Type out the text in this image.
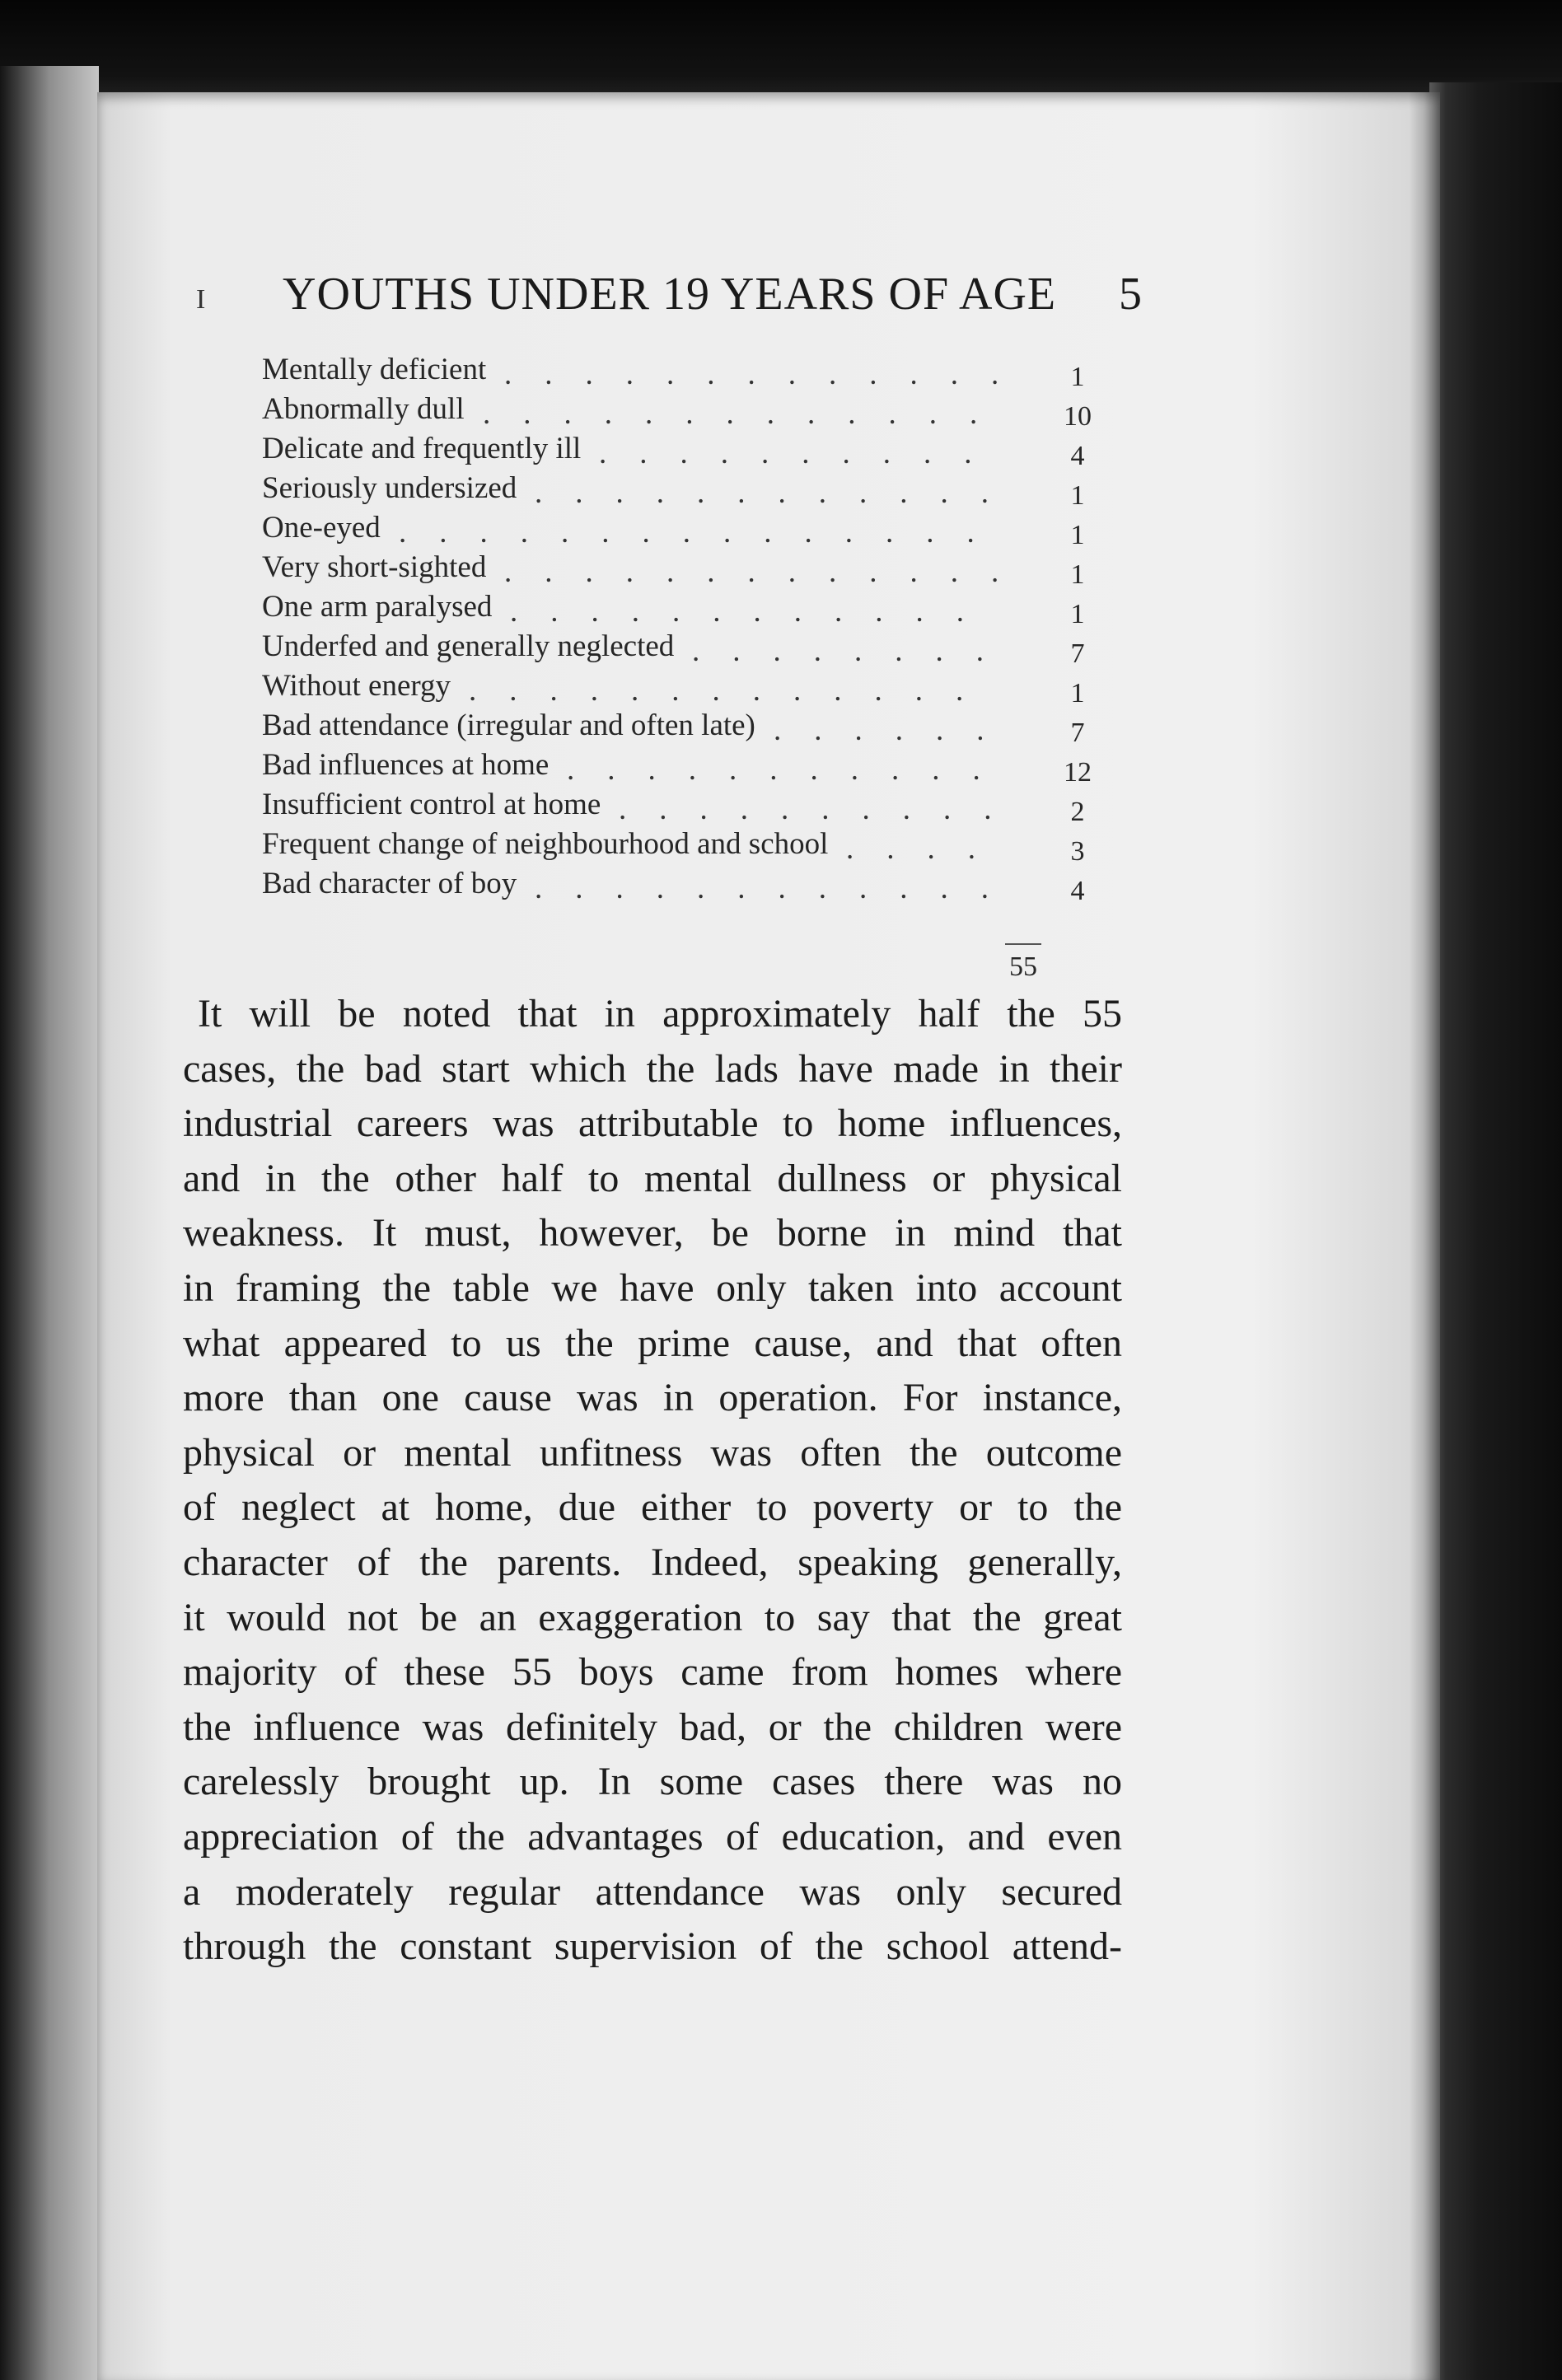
I YOUTHS UNDER 19 YEARS OF AGE 5
Mentally deficient .............	1
Abnormally dull .............	10
Delicate and frequently ill ..........	4
Seriously undersized ............	1
One-eyed ...............	1
Very short-sighted .............	1
One arm paralysed ............	1
Underfed and generally neglected ........	7
Without energy .............	1
Bad attendance (irregular and often late) ......	7
Bad influences at home ...........	12
Insufficient control at home ..........	2
Frequent change of neighbourhood and school ....	3
Bad character of boy ............	4
55
It will be noted that in approximately half the 55
cases, the bad start which the lads have made in their
industrial careers was attributable to home influences,
and in the other half to mental dullness or physical
weakness. It must, however, be borne in mind that
in framing the table we have only taken into account
what appeared to us the prime cause, and that often
more than one cause was in operation. For instance,
physical or mental unfitness was often the outcome
of neglect at home, due either to poverty or to the
character of the parents. Indeed, speaking generally,
it would not be an exaggeration to say that the great
majority of these 55 boys came from homes where
the influence was definitely bad, or the children were
carelessly brought up. In some cases there was no
appreciation of the advantages of education, and even
a moderately regular attendance was only secured
through the constant supervision of the school attend-
